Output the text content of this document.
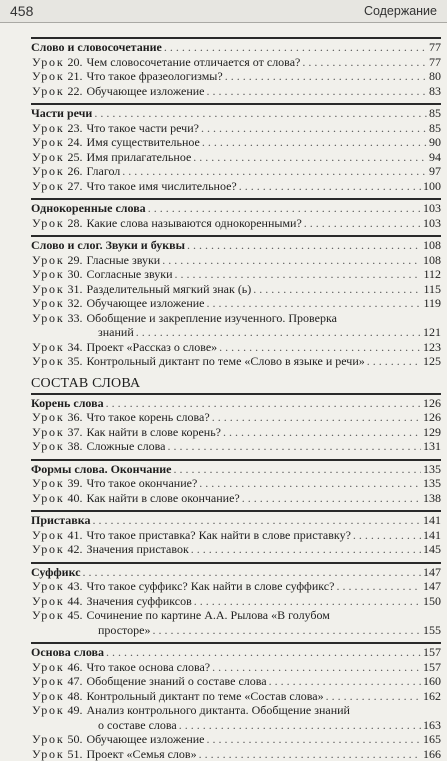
458	Содержание
Слово и словосочетание . . .	77
Урок 20. Чем словосочетание отличается от слова? . . .	77
Урок 21. Что такое фразеологизмы? . . .	80
Урок 22. Обучающее изложение . . .	83
Части речи . . .	85
Урок 23. Что такое части речи? . . .	85
Урок 24. Имя существительное . . .	90
Урок 25. Имя прилагательное . . .	94
Урок 26. Глагол . . .	97
Урок 27. Что такое имя числительное? . . .	100
Однокоренные слова . . .	103
Урок 28. Какие слова называются однокоренными? . . .	103
Слово и слог. Звуки и буквы . . .	108
Урок 29. Гласные звуки . . .	108
Урок 30. Согласные звуки . . .	112
Урок 31. Разделительный мягкий знак (ь) . . .	115
Урок 32. Обучающее изложение . . .	119
Урок 33. Обобщение и закрепление изученного. Проверка
знаний . . .	121
Урок 34. Проект «Рассказ о слове» . . .	123
Урок 35. Контрольный диктант по теме «Слово в языке и речи» . . .	125
СОСТАВ СЛОВА
Корень слова . . .	126
Урок 36. Что такое корень слова? . . .	126
Урок 37. Как найти в слове корень? . . .	129
Урок 38. Сложные слова . . .	131
Формы слова. Окончание . . .	135
Урок 39. Что такое окончание? . . .	135
Урок 40. Как найти в слове окончание? . . .	138
Приставка . . .	141
Урок 41. Что такое приставка? Как найти в слове приставку? . . .	141
Урок 42. Значения приставок . . .	145
Суффикс . . .	147
Урок 43. Что такое суффикс? Как найти в слове суффикс? . . .	147
Урок 44. Значения суффиксов . . .	150
Урок 45. Сочинение по картине А.А. Рылова «В голубом
просторе» . . .	155
Основа слова . . .	157
Урок 46. Что такое основа слова? . . .	157
Урок 47. Обобщение знаний о составе слова . . .	160
Урок 48. Контрольный диктант по теме «Состав слова» . . .	162
Урок 49. Анализ контрольного диктанта. Обобщение знаний
о составе слова . . .	163
Урок 50. Обучающее изложение . . .	165
Урок 51. Проект «Семья слов» . . .	166
